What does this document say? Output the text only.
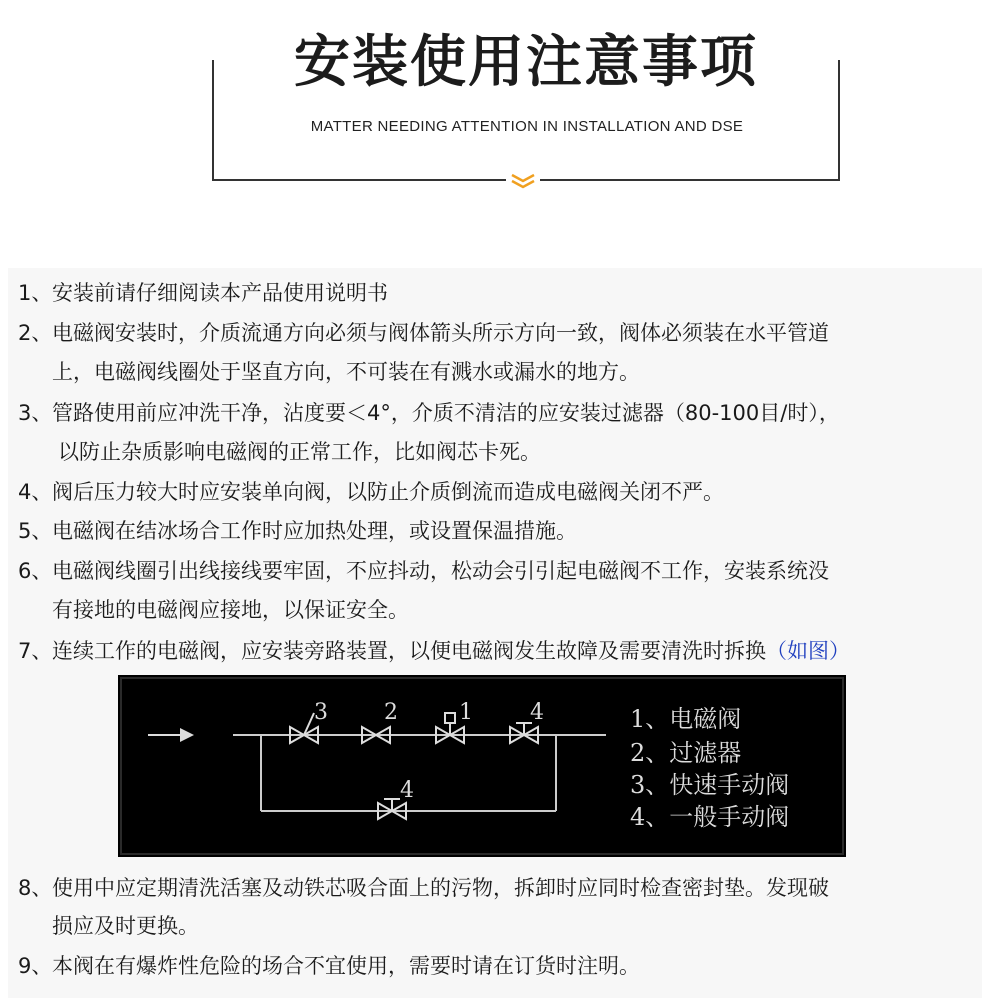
安装使用注意事项
MATTER NEEDING ATTENTION IN INSTALLATION AND DSE
1、安装前请仔细阅读本产品使用说明书
2、电磁阀安装时，介质流通方向必须与阀体箭头所示方向一致，阀体必须装在水平管道
上，电磁阀线圈处于坚直方向，不可装在有溅水或漏水的地方。
3、管路使用前应冲洗干净，沾度要＜4°，介质不清洁的应安装过滤器（80-100目/时），
以防止杂质影响电磁阀的正常工作，比如阀芯卡死。
4、阀后压力较大时应安装单向阀，以防止介质倒流而造成电磁阀关闭不严。
5、电磁阀在结冰场合工作时应加热处理，或设置保温措施。
6、电磁阀线圈引出线接线要牢固，不应抖动，松动会引引起电磁阀不工作，安装系统没
有接地的电磁阀应接地，以保证安全。
7、连续工作的电磁阀，应安装旁路装置，以便电磁阀发生故障及需要清洗时拆换（如图）
3	2	1	4
4
1、电磁阀
2、过滤器
3、快速手动阀
4、一般手动阀
8、使用中应定期清洗活塞及动铁芯吸合面上的污物，拆卸时应同时检查密封垫。发现破
损应及时更换。
9、本阀在有爆炸性危险的场合不宜使用，需要时请在订货时注明。
